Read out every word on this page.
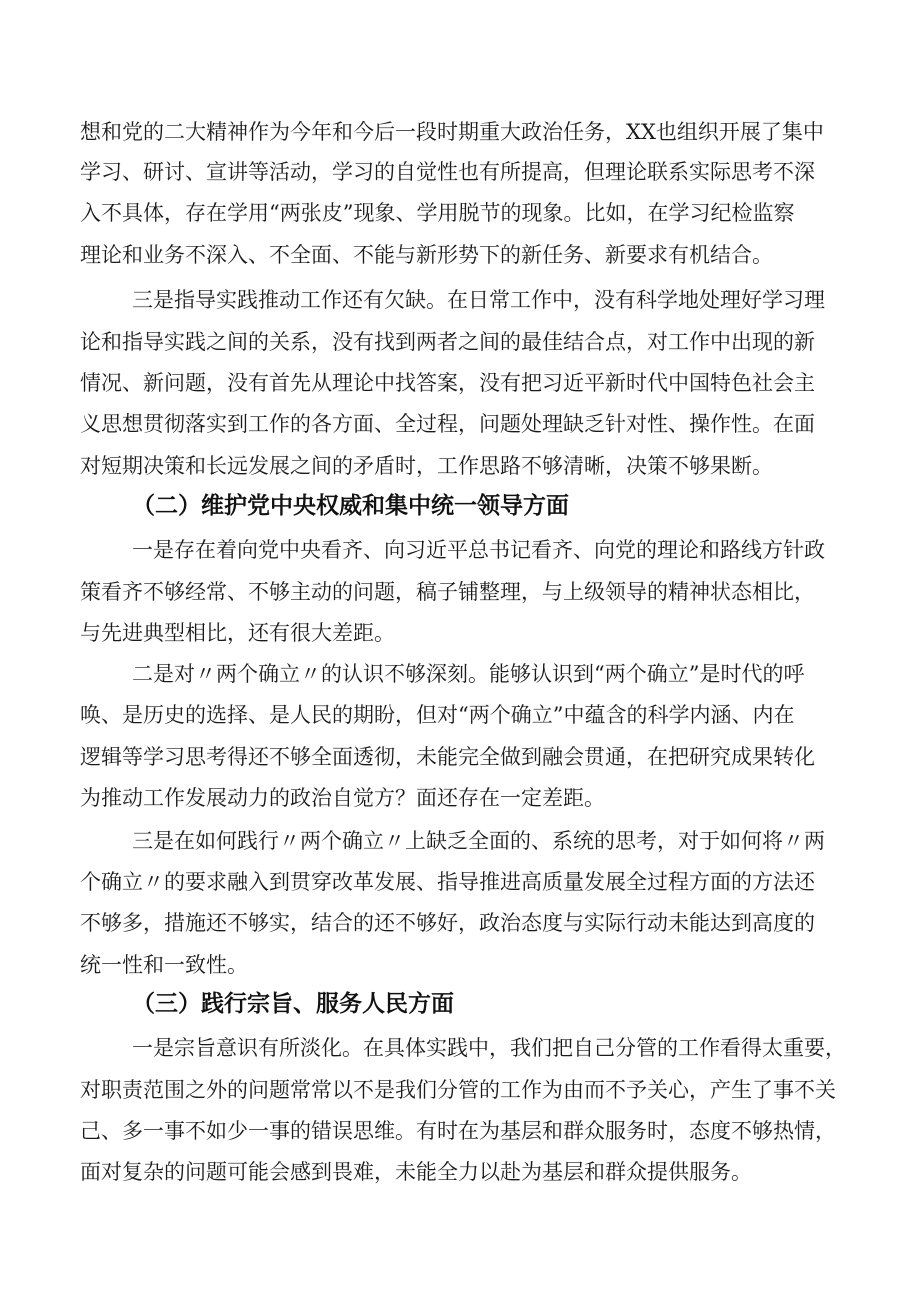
想和党的二大精神作为今年和今后一段时期重大政治任务，XX也组织开展了集中
学习、研讨、宣讲等活动，学习的自觉性也有所提高，但理论联系实际思考不深
入不具体，存在学用“两张皮”现象、学用脱节的现象。比如，在学习纪检监察
理论和业务不深入、不全面、不能与新形势下的新任务、新要求有机结合。
三是指导实践推动工作还有欠缺。在日常工作中，没有科学地处理好学习理
论和指导实践之间的关系，没有找到两者之间的最佳结合点，对工作中出现的新
情况、新问题，没有首先从理论中找答案，没有把习近平新时代中国特色社会主
义思想贯彻落实到工作的各方面、全过程，问题处理缺乏针对性、操作性。在面
对短期决策和长远发展之间的矛盾时，工作思路不够清晰，决策不够果断。
（二）维护党中央权威和集中统一领导方面
一是存在着向党中央看齐、向习近平总书记看齐、向党的理论和路线方针政
策看齐不够经常、不够主动的问题，稿子铺整理，与上级领导的精神状态相比，
与先进典型相比，还有很大差距。
二是对〃两个确立〃的认识不够深刻。能够认识到“两个确立”是时代的呼
唤、是历史的选择、是人民的期盼，但对“两个确立”中蕴含的科学内涵、内在
逻辑等学习思考得还不够全面透彻，未能完全做到融会贯通，在把研究成果转化
为推动工作发展动力的政治自觉方？面还存在一定差距。
三是在如何践行〃两个确立〃上缺乏全面的、系统的思考，对于如何将〃两
个确立〃的要求融入到贯穿改革发展、指导推进高质量发展全过程方面的方法还
不够多，措施还不够实，结合的还不够好，政治态度与实际行动未能达到高度的
统一性和一致性。
（三）践行宗旨、服务人民方面
一是宗旨意识有所淡化。在具体实践中，我们把自己分管的工作看得太重要，
对职责范围之外的问题常常以不是我们分管的工作为由而不予关心，产生了事不关
己、多一事不如少一事的错误思维。有时在为基层和群众服务时，态度不够热情，
面对复杂的问题可能会感到畏难，未能全力以赴为基层和群众提供服务。
